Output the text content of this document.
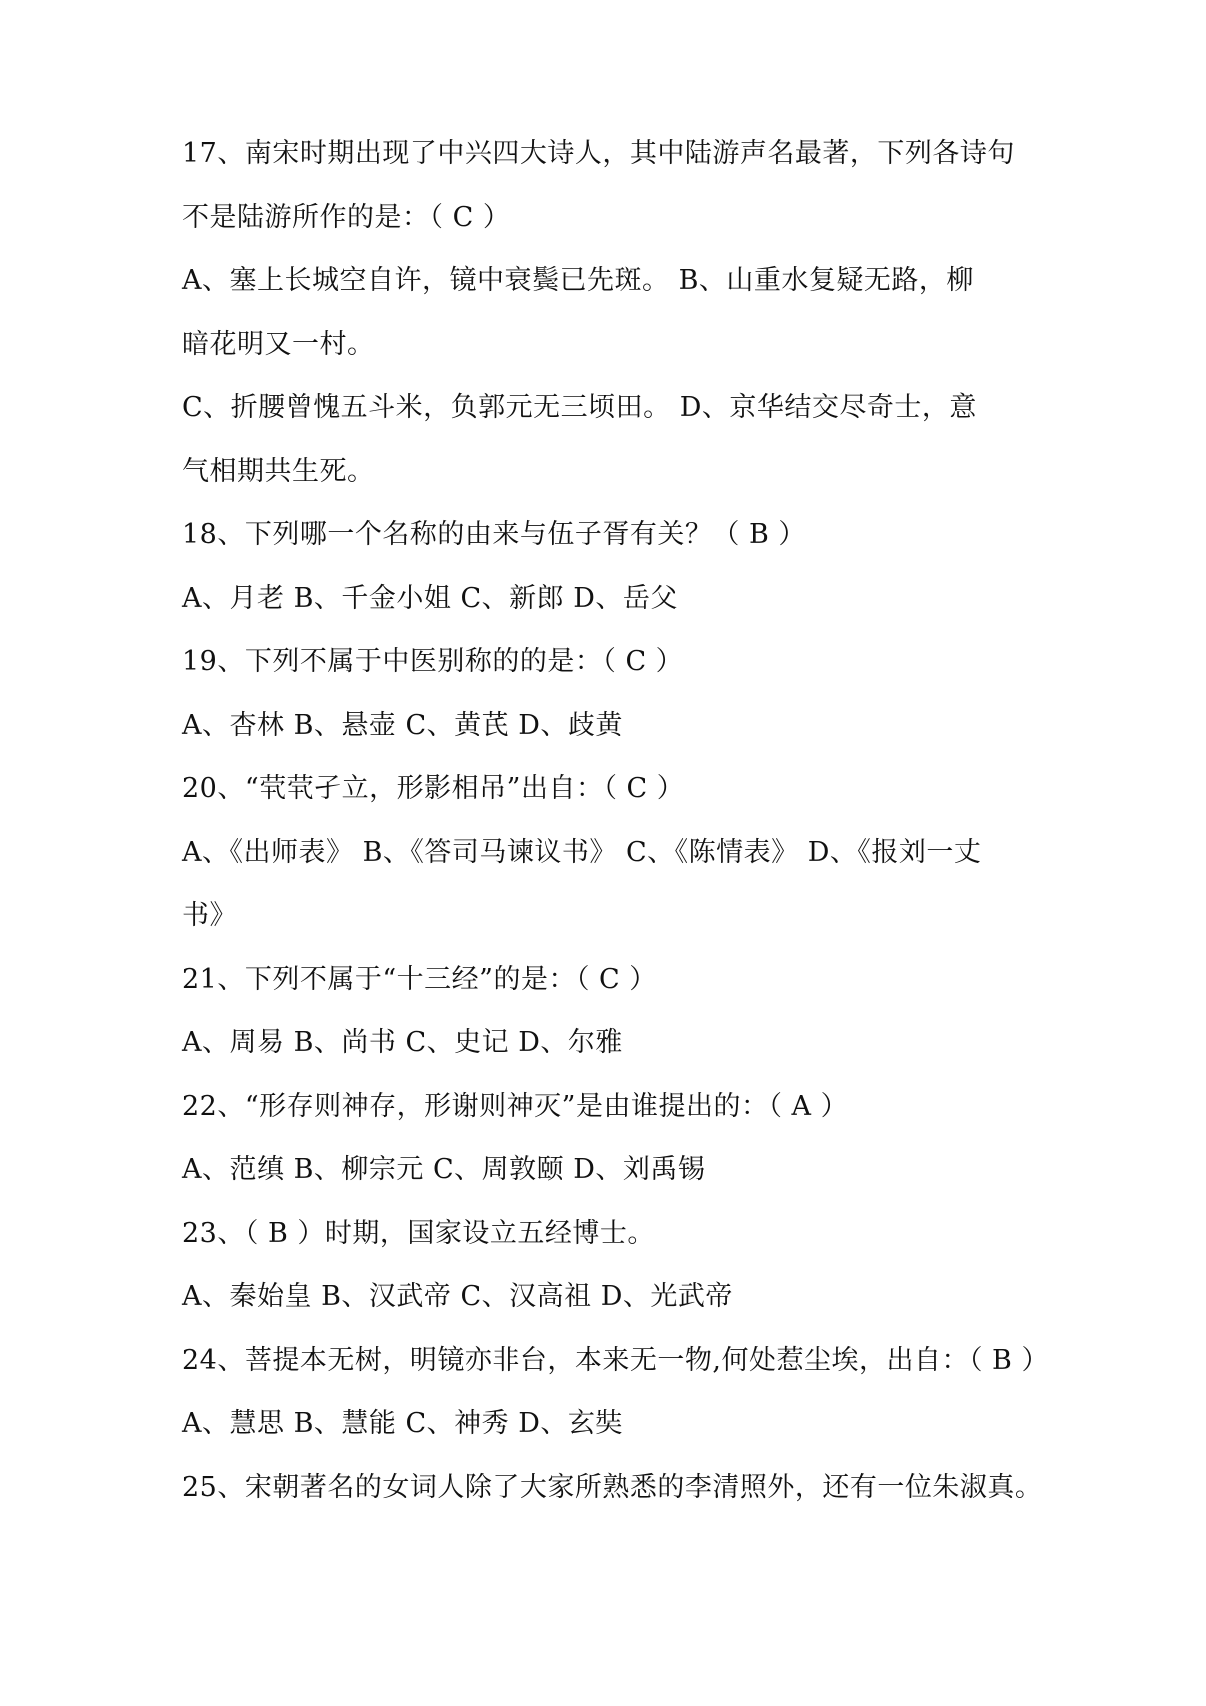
17、南宋时期出现了中兴四大诗人，其中陆游声名最著，下列各诗句
不是陆游所作的是：（ C ）
A、塞上长城空自许，镜中衰鬓已先斑。 B、山重水复疑无路，柳
暗花明又一村。
C、折腰曾愧五斗米，负郭元无三顷田。 D、京华结交尽奇士，意
气相期共生死。
18、下列哪一个名称的由来与伍子胥有关？（ B ）
A、月老 B、千金小姐 C、新郎 D、岳父
19、下列不属于中医别称的的是：（ C ）
A、杏林 B、悬壶 C、黄芪 D、歧黄
20、“茕茕孑立，形影相吊”出自：（ C ）
A、《出师表》 B、《答司马谏议书》 C、《陈情表》 D、《报刘一丈
书》
21、下列不属于“十三经”的是：（ C ）
A、周易 B、尚书 C、史记 D、尔雅
22、“形存则神存，形谢则神灭”是由谁提出的：（ A ）
A、范缜 B、柳宗元 C、周敦颐 D、刘禹锡
23、（ B ）时期，国家设立五经博士。
A、秦始皇 B、汉武帝 C、汉高祖 D、光武帝
24、菩提本无树，明镜亦非台，本来无一物,何处惹尘埃，出自：（ B ）
A、慧思 B、慧能 C、神秀 D、玄奘
25、宋朝著名的女词人除了大家所熟悉的李清照外，还有一位朱淑真。
